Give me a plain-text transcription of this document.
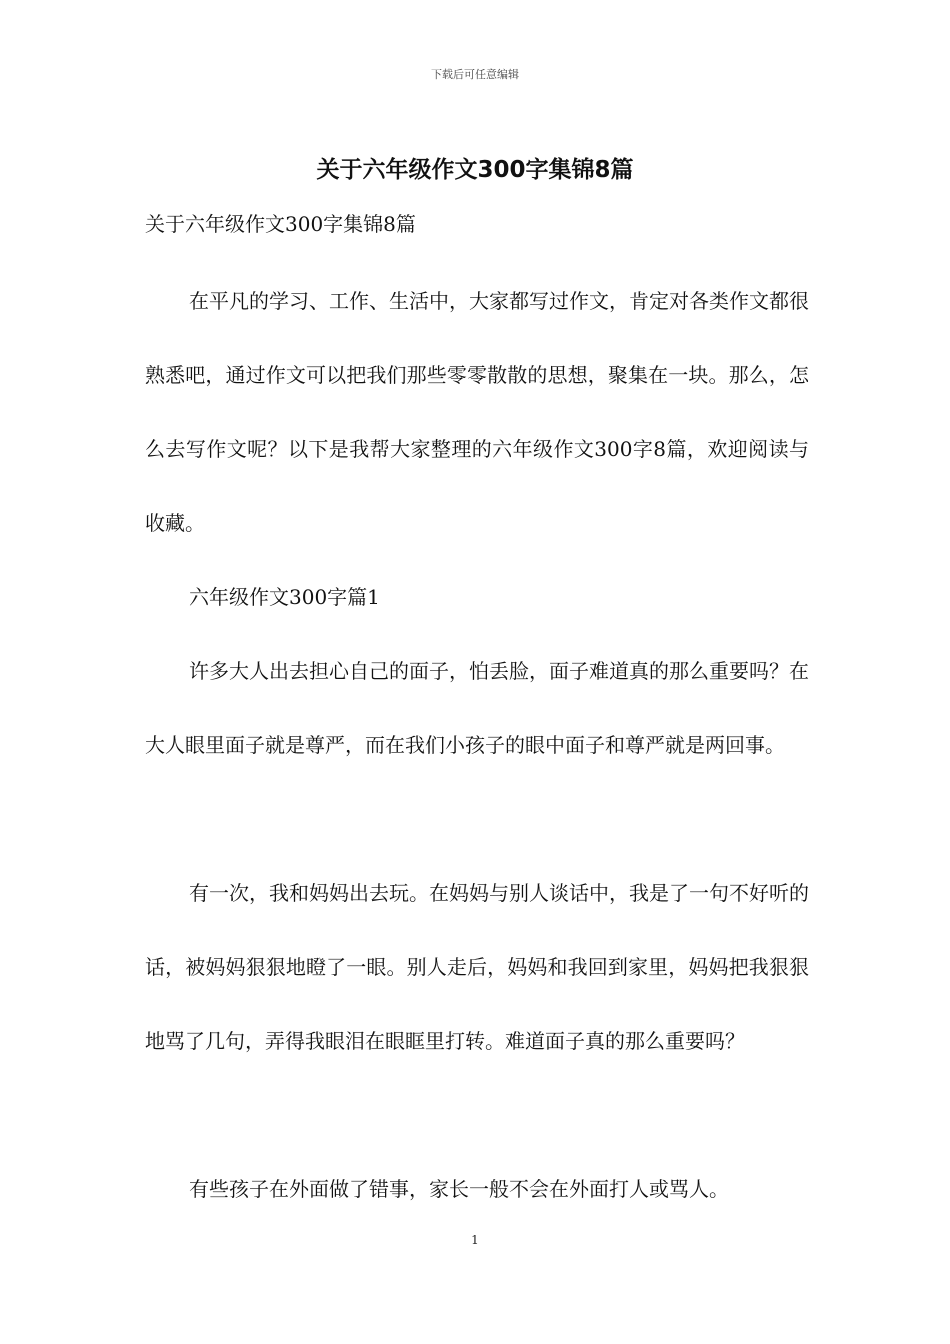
下载后可任意编辑
关于六年级作文300字集锦8篇

关于六年级作文300字集锦8篇

在平凡的学习、工作、生活中，大家都写过作文，肯定对各类作文都很熟悉吧，通过作文可以把我们那些零零散散的思想，聚集在一块。那么，怎么去写作文呢？以下是我帮大家整理的六年级作文300字8篇，欢迎阅读与收藏。

六年级作文300字篇1

许多大人出去担心自己的面子，怕丢脸，面子难道真的那么重要吗？在大人眼里面子就是尊严，而在我们小孩子的眼中面子和尊严就是两回事。

有一次，我和妈妈出去玩。在妈妈与别人谈话中，我是了一句不好听的话，被妈妈狠狠地瞪了一眼。别人走后，妈妈和我回到家里，妈妈把我狠狠地骂了几句，弄得我眼泪在眼眶里打转。难道面子真的那么重要吗？

有些孩子在外面做了错事，家长一般不会在外面打人或骂人。

1
